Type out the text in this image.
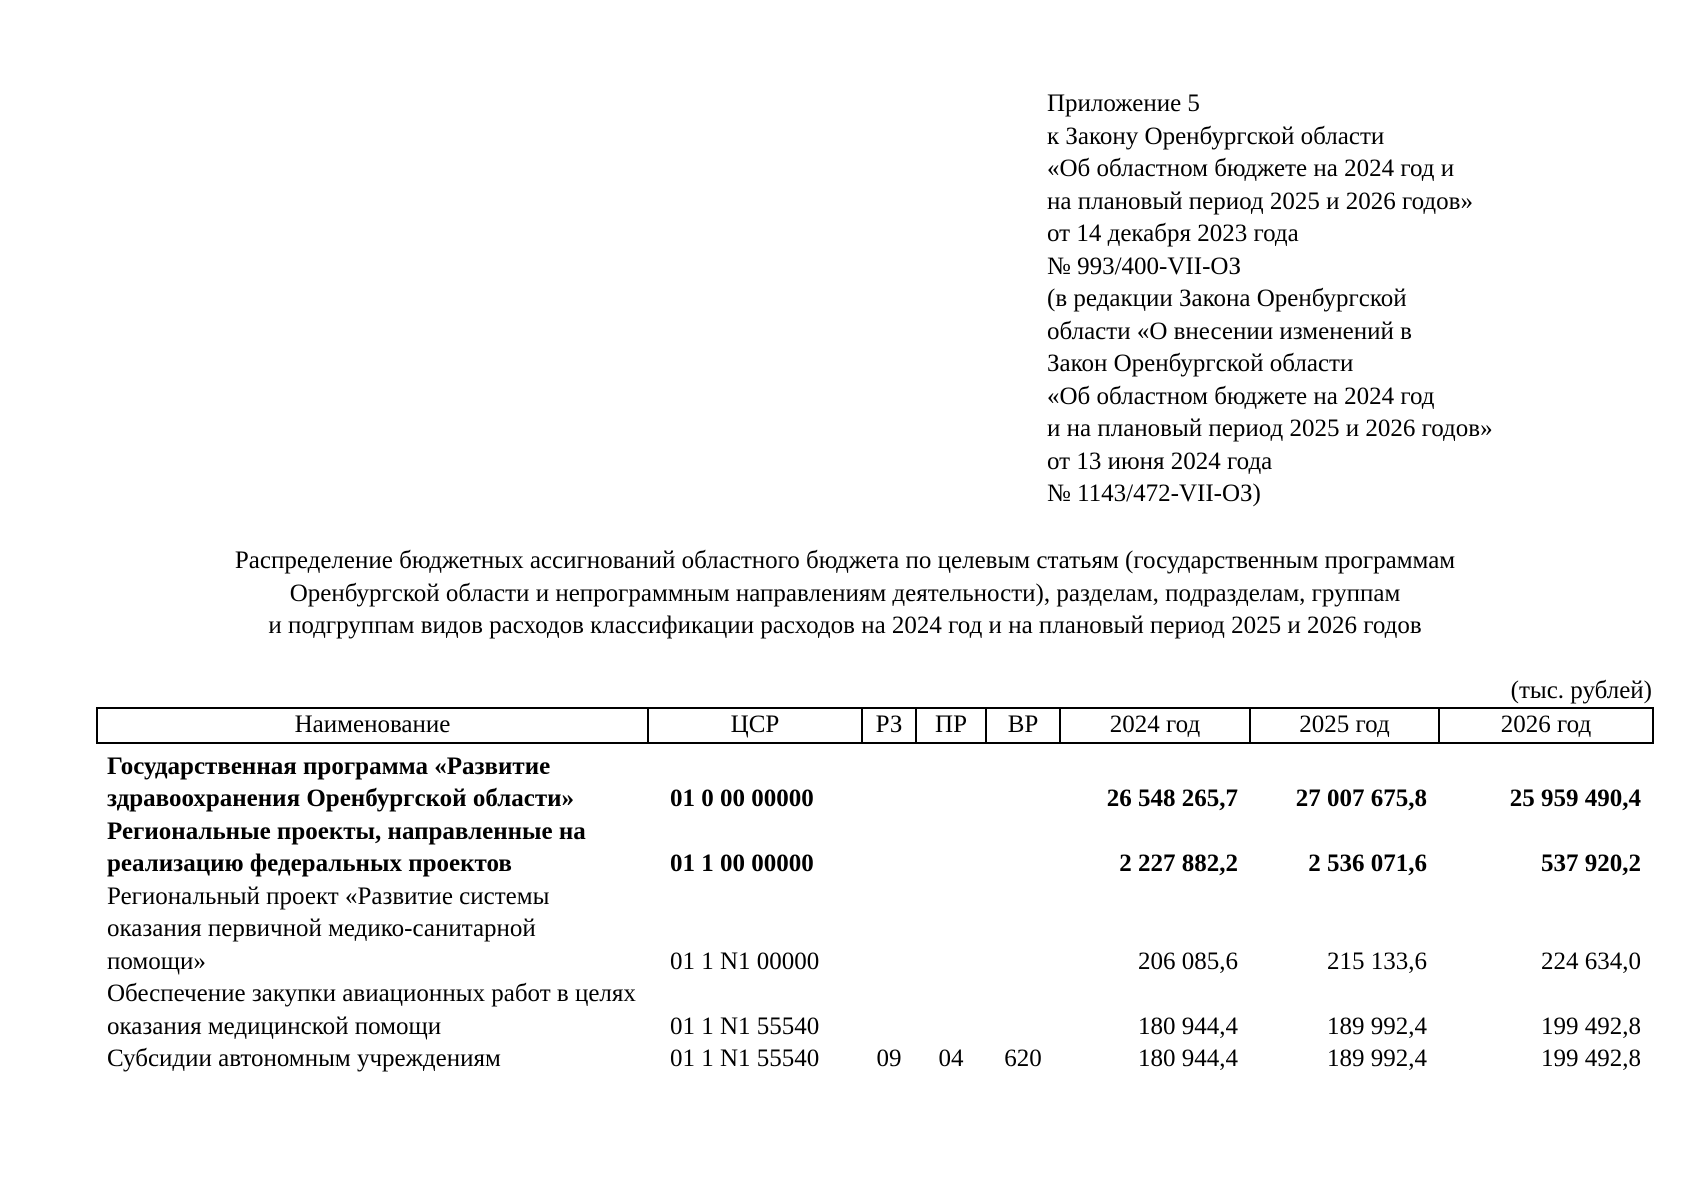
Приложение 5
к Закону Оренбургской области
«Об областном бюджете на 2024 год и
на плановый период 2025 и 2026 годов»
от 14 декабря 2023 года
№ 993/400-VII-ОЗ
(в редакции Закона Оренбургской
области «О внесении изменений в
Закон Оренбургской области
«Об областном бюджете на 2024 год
и на плановый период 2025 и 2026 годов»
от 13 июня 2024 года
№ 1143/472-VII-ОЗ)
Распределение бюджетных ассигнований областного бюджета по целевым статьям (государственным программам
Оренбургской области и непрограммным направлениям деятельности), разделам, подразделам, группам
и подгруппам видов расходов классификации расходов на 2024 год и на плановый период 2025 и 2026 годов
(тыс. рублей)
Наименование	ЦСР	РЗ	ПР	ВР	2024 год	2025 год	2026 год
Государственная программа «Развитие здравоохранения Оренбургской области»	01 0 00 00000				26 548 265,7	27 007 675,8	25 959 490,4
Региональные проекты, направленные на реализацию федеральных проектов	01 1 00 00000				2 227 882,2	2 536 071,6	537 920,2
Региональный проект «Развитие системы оказания первичной медико-санитарной помощи»	01 1 N1 00000				206 085,6	215 133,6	224 634,0
Обеспечение закупки авиационных работ в целях оказания медицинской помощи	01 1 N1 55540				180 944,4	189 992,4	199 492,8
Субсидии автономным учреждениям	01 1 N1 55540	09	04	620	180 944,4	189 992,4	199 492,8
